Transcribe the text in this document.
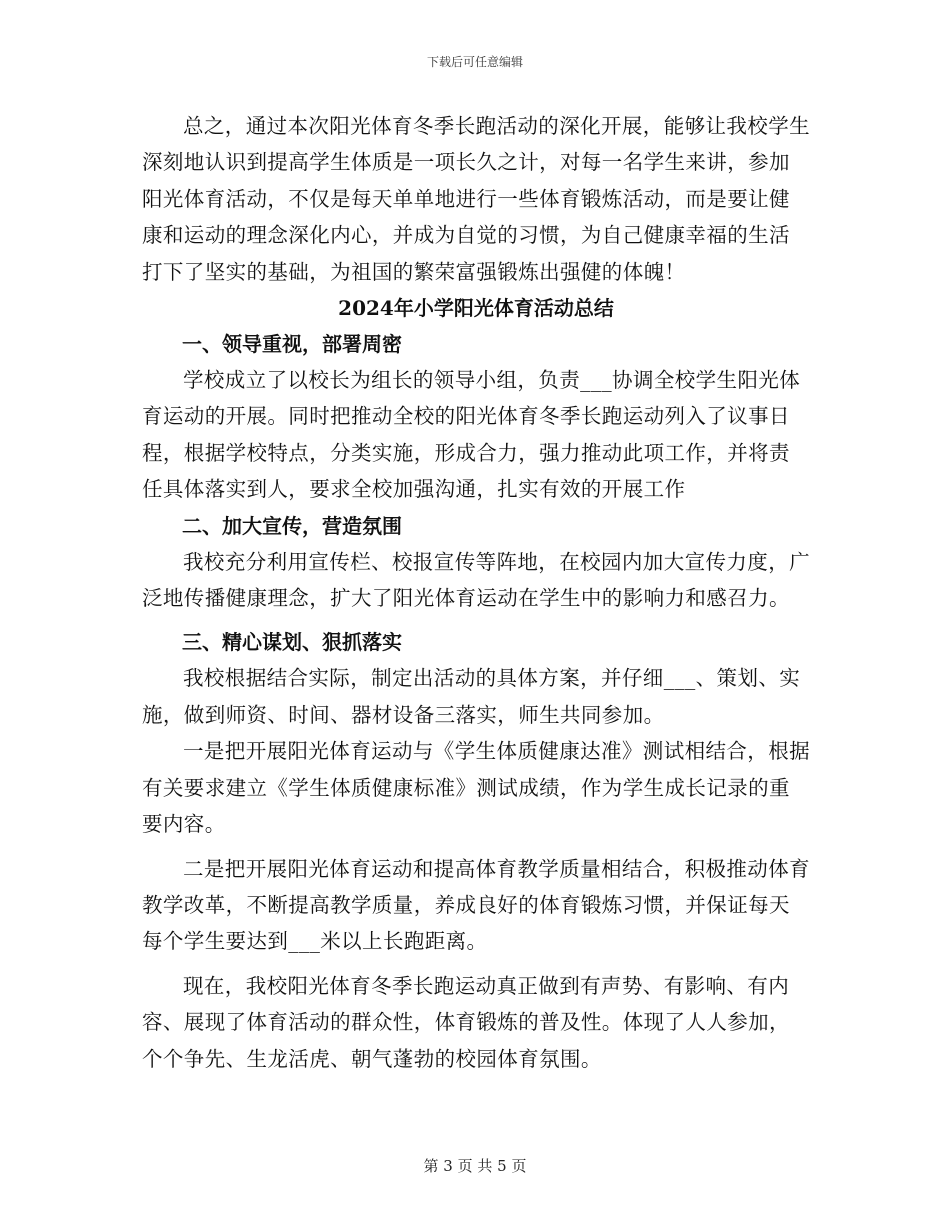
下载后可任意编辑

总之，通过本次阳光体育冬季长跑活动的深化开展，能够让我校学生深刻地认识到提高学生体质是一项长久之计，对每一名学生来讲，参加阳光体育活动，不仅是每天单单地进行一些体育锻炼活动，而是要让健康和运动的理念深化内心，并成为自觉的习惯，为自己健康幸福的生活打下了坚实的基础，为祖国的繁荣富强锻炼出强健的体魄！

2024年小学阳光体育活动总结
一、领导重视，部署周密

学校成立了以校长为组长的领导小组，负责___协调全校学生阳光体育运动的开展。同时把推动全校的阳光体育冬季长跑运动列入了议事日程，根据学校特点，分类实施，形成合力，强力推动此项工作，并将责任具体落实到人，要求全校加强沟通，扎实有效的开展工作

二、加大宣传，营造氛围

我校充分利用宣传栏、校报宣传等阵地，在校园内加大宣传力度，广泛地传播健康理念，扩大了阳光体育运动在学生中的影响力和感召力。

三、精心谋划、狠抓落实

我校根据结合实际，制定出活动的具体方案，并仔细___、策划、实施，做到师资、时间、器材设备三落实，师生共同参加。

一是把开展阳光体育运动与《学生体质健康达准》测试相结合，根据有关要求建立《学生体质健康标准》测试成绩，作为学生成长记录的重要内容。

二是把开展阳光体育运动和提高体育教学质量相结合，积极推动体育教学改革，不断提高教学质量，养成良好的体育锻炼习惯，并保证每天每个学生要达到___米以上长跑距离。

现在，我校阳光体育冬季长跑运动真正做到有声势、有影响、有内容、展现了体育活动的群众性，体育锻炼的普及性。体现了人人参加，个个争先、生龙活虎、朝气蓬勃的校园体育氛围。

第 3 页 共 5 页
